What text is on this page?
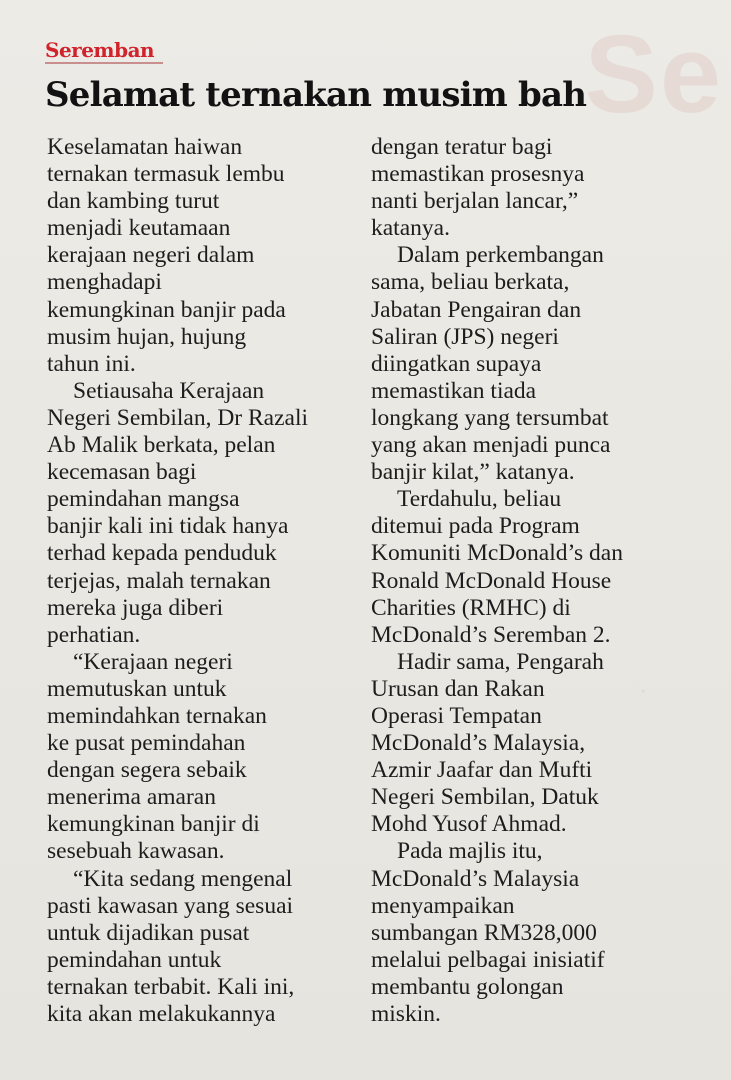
Se
Seremban
Selamat ternakan musim bah
Keselamatan haiwan
ternakan termasuk lembu
dan kambing turut
menjadi keutamaan
kerajaan negeri dalam
menghadapi
kemungkinan banjir pada
musim hujan, hujung
tahun ini.
Setiausaha Kerajaan
Negeri Sembilan, Dr Razali
Ab Malik berkata, pelan
kecemasan bagi
pemindahan mangsa
banjir kali ini tidak hanya
terhad kepada penduduk
terjejas, malah ternakan
mereka juga diberi
perhatian.
“Kerajaan negeri
memutuskan untuk
memindahkan ternakan
ke pusat pemindahan
dengan segera sebaik
menerima amaran
kemungkinan banjir di
sesebuah kawasan.
“Kita sedang mengenal
pasti kawasan yang sesuai
untuk dijadikan pusat
pemindahan untuk
ternakan terbabit. Kali ini,
kita akan melakukannya
dengan teratur bagi
memastikan prosesnya
nanti berjalan lancar,”
katanya.
Dalam perkembangan
sama, beliau berkata,
Jabatan Pengairan dan
Saliran (JPS) negeri
diingatkan supaya
memastikan tiada
longkang yang tersumbat
yang akan menjadi punca
banjir kilat,” katanya.
Terdahulu, beliau
ditemui pada Program
Komuniti McDonald’s dan
Ronald McDonald House
Charities (RMHC) di
McDonald’s Seremban 2.
Hadir sama, Pengarah
Urusan dan Rakan
Operasi Tempatan
McDonald’s Malaysia,
Azmir Jaafar dan Mufti
Negeri Sembilan, Datuk
Mohd Yusof Ahmad.
Pada majlis itu,
McDonald’s Malaysia
menyampaikan
sumbangan RM328,000
melalui pelbagai inisiatif
membantu golongan
miskin.
